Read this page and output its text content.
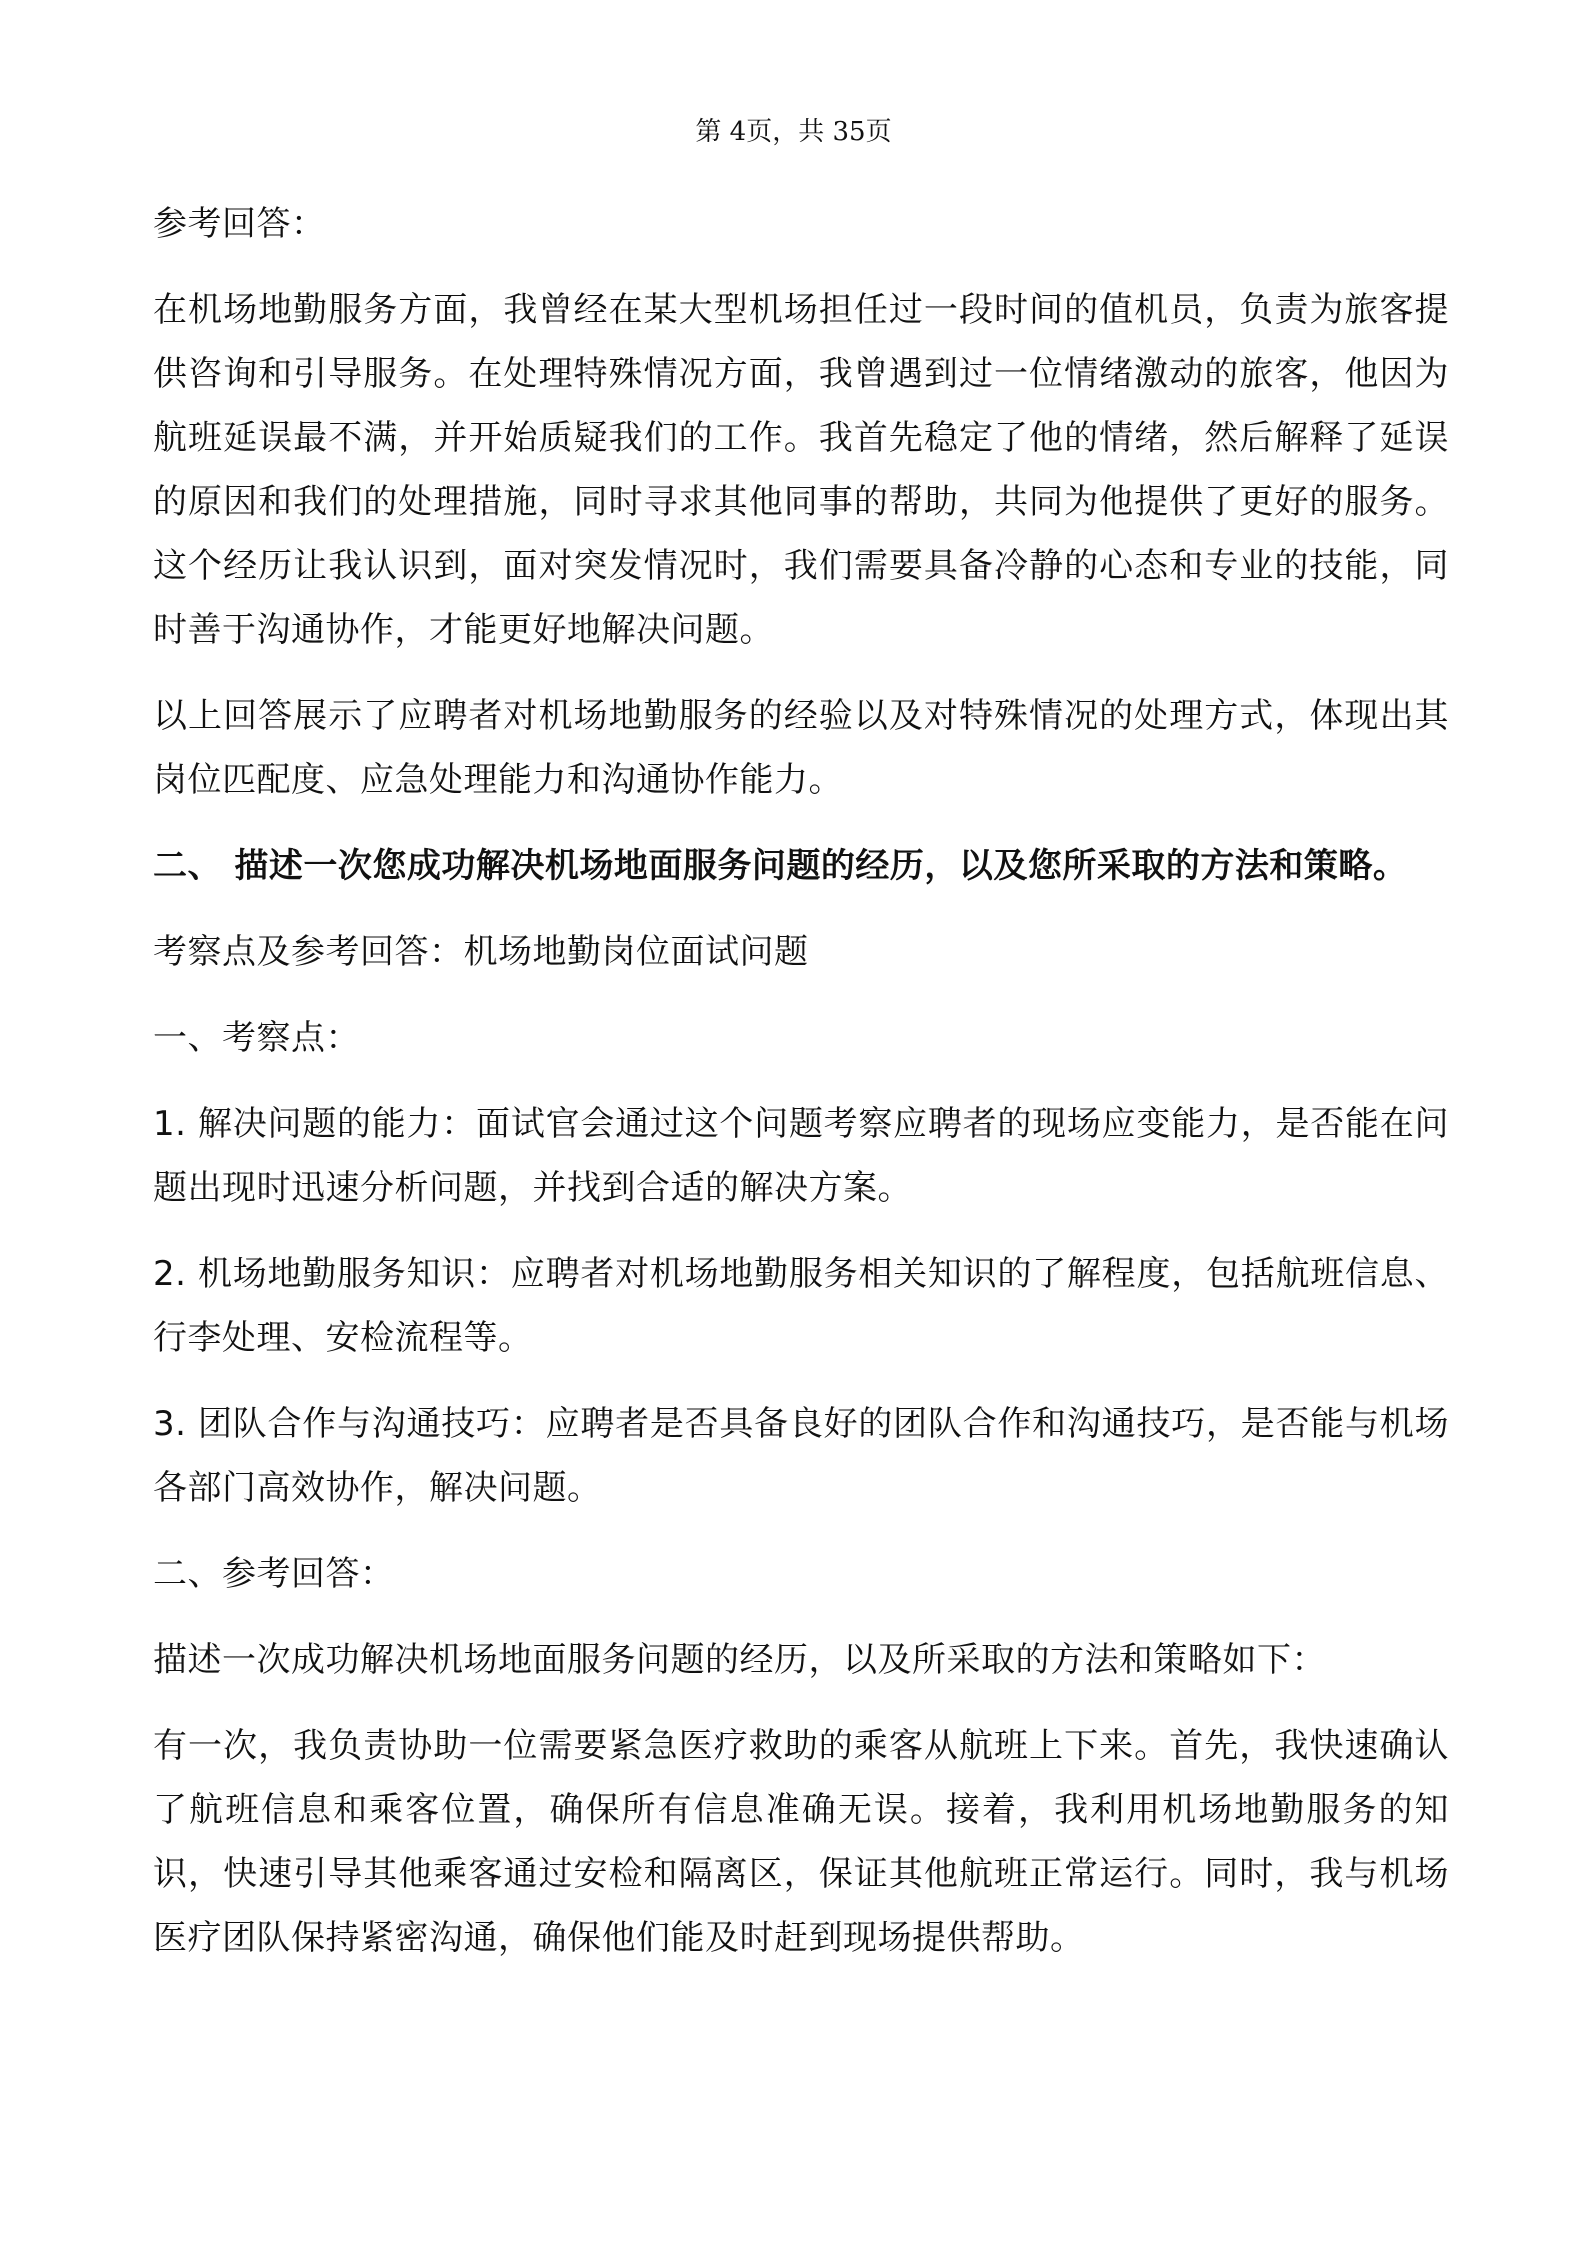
第 4页，共 35页

参考回答：

在机场地勤服务方面，我曾经在某大型机场担任过一段时间的值机员，负责为旅客提供咨询和引导服务。在处理特殊情况方面，我曾遇到过一位情绪激动的旅客，他因为航班延误最不满，并开始质疑我们的工作。我首先稳定了他的情绪，然后解释了延误的原因和我们的处理措施，同时寻求其他同事的帮助，共同为他提供了更好的服务。这个经历让我认识到，面对突发情况时，我们需要具备冷静的心态和专业的技能，同时善于沟通协作，才能更好地解决问题。

以上回答展示了应聘者对机场地勤服务的经验以及对特殊情况的处理方式，体现出其岗位匹配度、应急处理能力和沟通协作能力。

二、 描述一次您成功解决机场地面服务问题的经历，以及您所采取的方法和策略。

考察点及参考回答：机场地勤岗位面试问题

一、考察点：

1. 解决问题的能力：面试官会通过这个问题考察应聘者的现场应变能力，是否能在问题出现时迅速分析问题，并找到合适的解决方案。

2. 机场地勤服务知识：应聘者对机场地勤服务相关知识的了解程度，包括航班信息、行李处理、安检流程等。

3. 团队合作与沟通技巧：应聘者是否具备良好的团队合作和沟通技巧，是否能与机场各部门高效协作，解决问题。

二、参考回答：

描述一次成功解决机场地面服务问题的经历，以及所采取的方法和策略如下：

有一次，我负责协助一位需要紧急医疗救助的乘客从航班上下来。首先，我快速确认了航班信息和乘客位置，确保所有信息准确无误。接着，我利用机场地勤服务的知识，快速引导其他乘客通过安检和隔离区，保证其他航班正常运行。同时，我与机场医疗团队保持紧密沟通，确保他们能及时赶到现场提供帮助。
